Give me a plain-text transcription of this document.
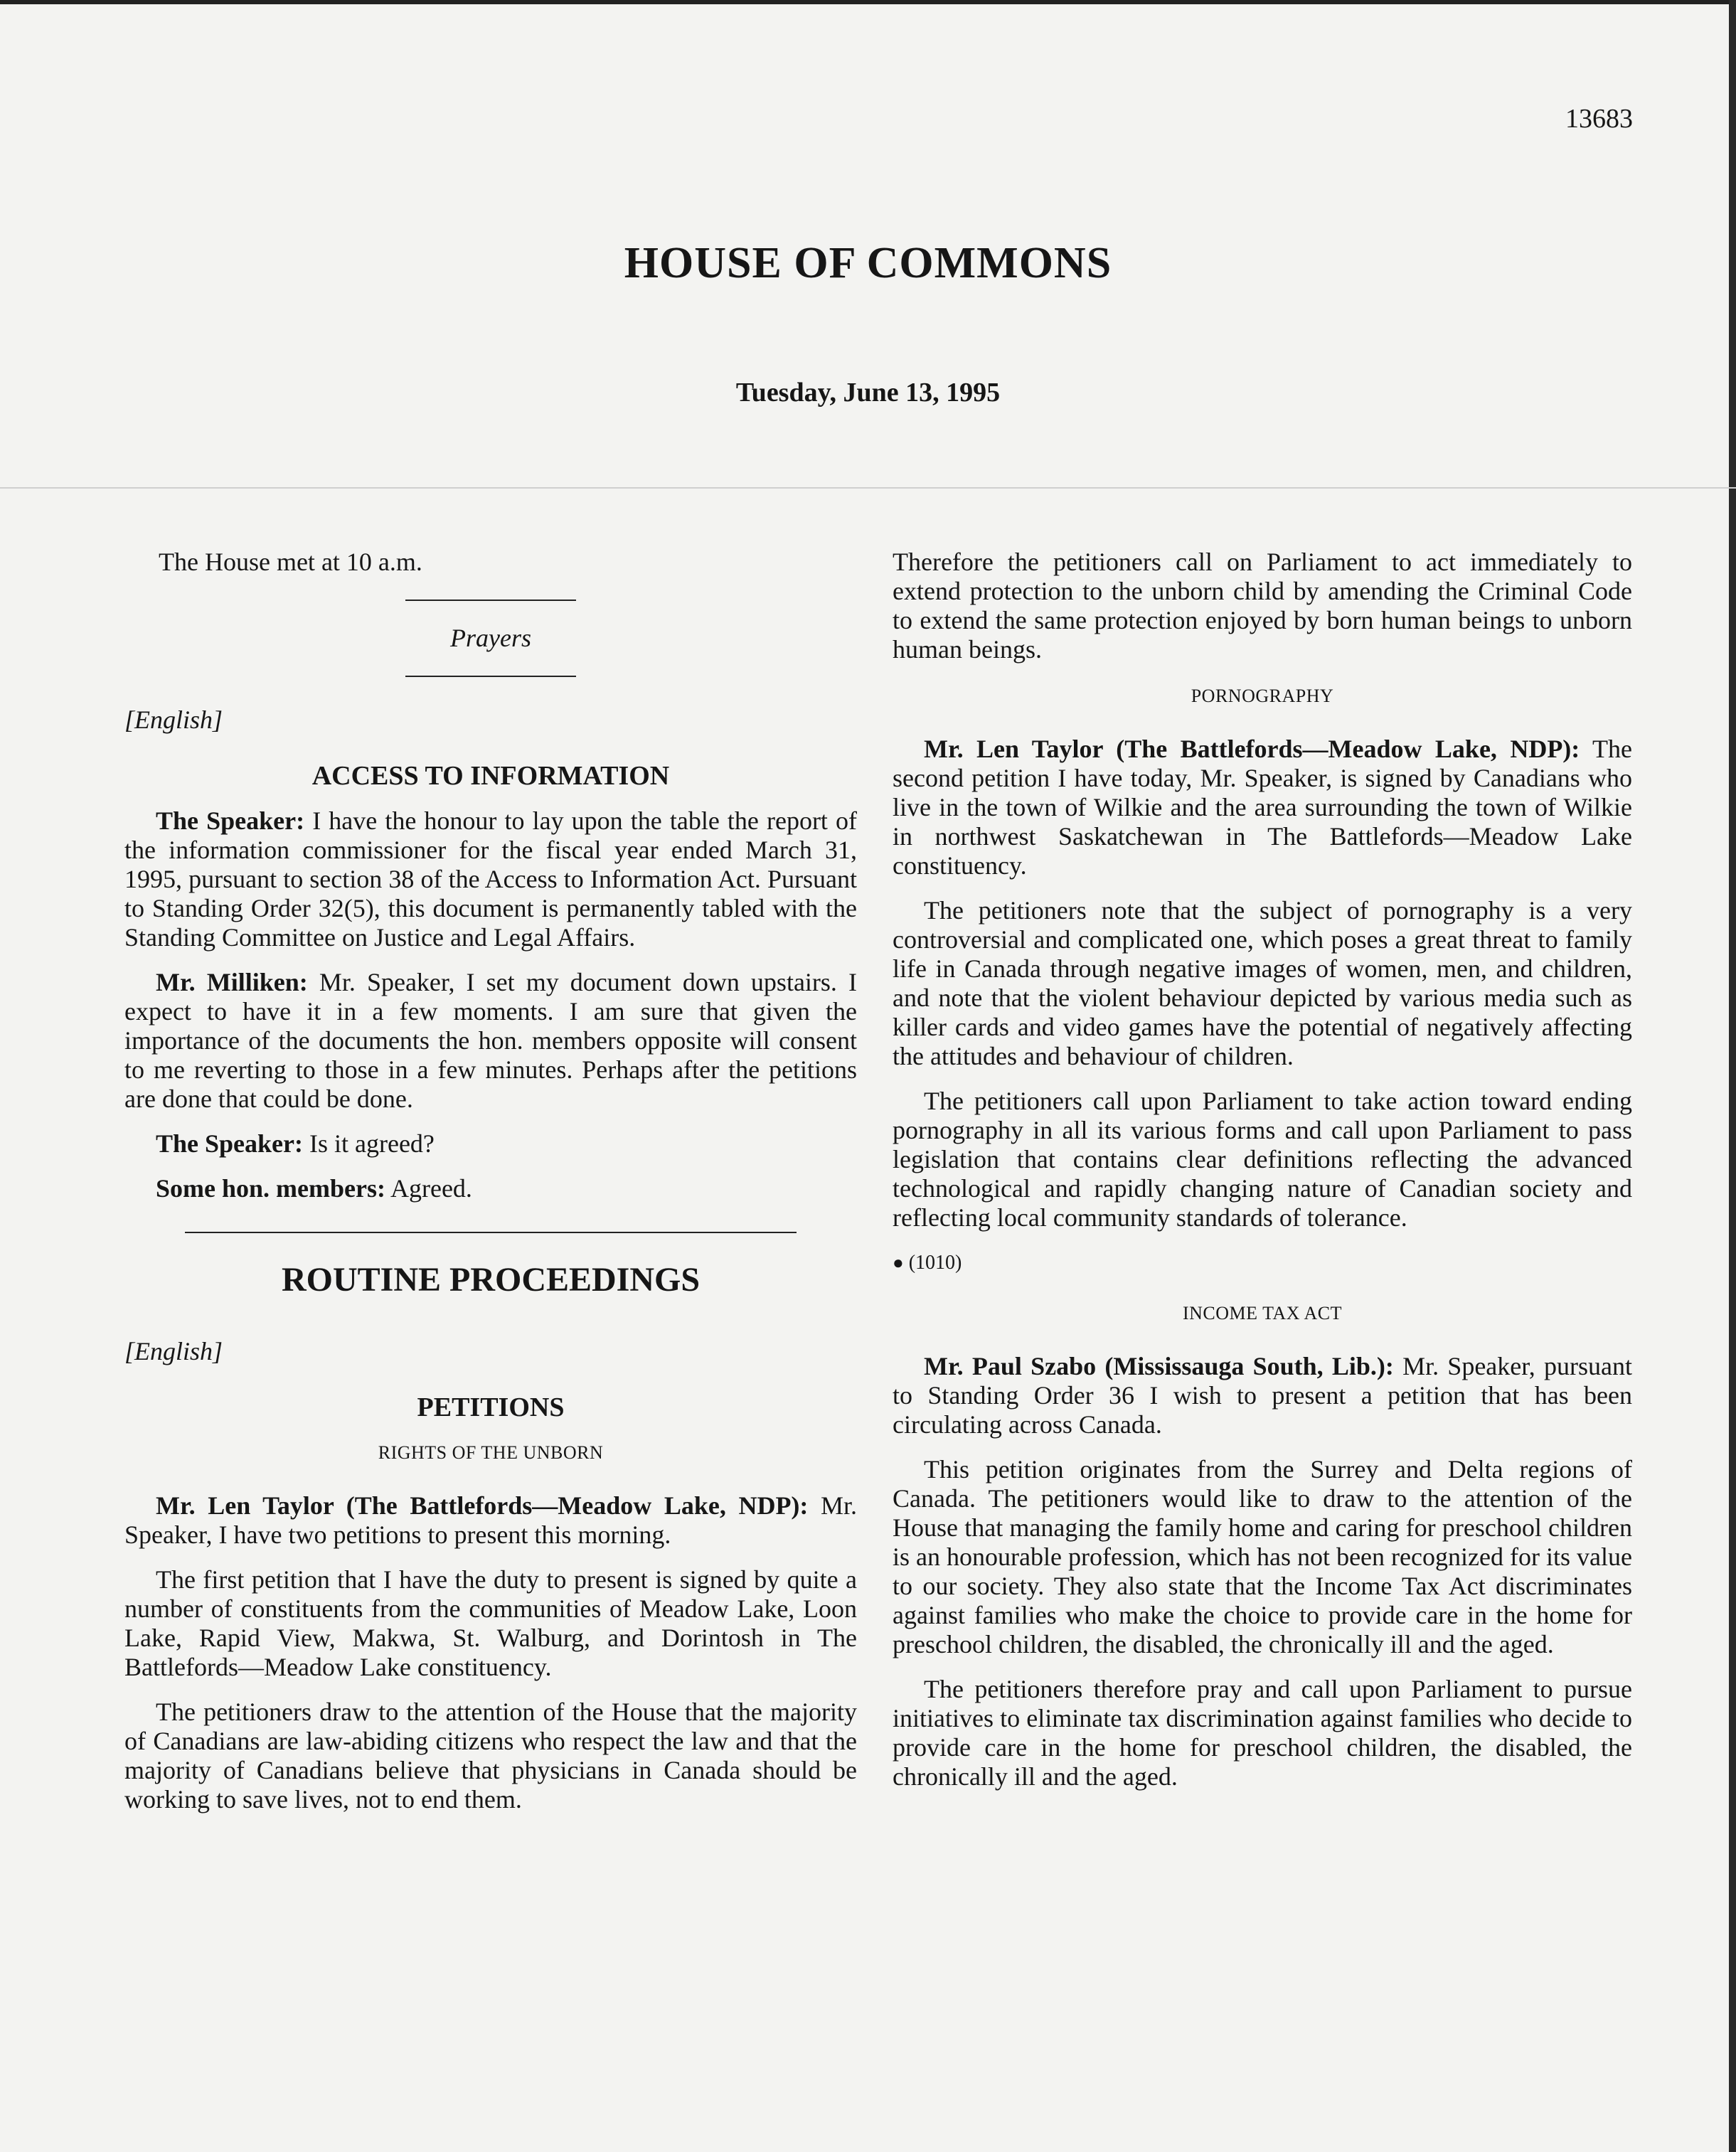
13683
HOUSE OF COMMONS
Tuesday, June 13, 1995

The House met at 10 a.m.

Prayers
[English]
ACCESS TO INFORMATION

The Speaker: I have the honour to lay upon the table the report of the information commissioner for the fiscal year ended March 31, 1995, pursuant to section 38 of the Access to Information Act. Pursuant to Standing Order 32(5), this document is permanently tabled with the Standing Committee on Justice and Legal Affairs.

Mr. Milliken: Mr. Speaker, I set my document down upstairs. I expect to have it in a few moments. I am sure that given the importance of the documents the hon. members opposite will consent to me reverting to those in a few minutes. Perhaps after the petitions are done that could be done.

The Speaker: Is it agreed?

Some hon. members: Agreed.

ROUTINE PROCEEDINGS
[English]
PETITIONS
RIGHTS OF THE UNBORN

Mr. Len Taylor (The Battlefords—Meadow Lake, NDP): Mr. Speaker, I have two petitions to present this morning.

The first petition that I have the duty to present is signed by quite a number of constituents from the communities of Meadow Lake, Loon Lake, Rapid View, Makwa, St. Walburg, and Dorintosh in The Battlefords—Meadow Lake constituency.

The petitioners draw to the attention of the House that the majority of Canadians are law-abiding citizens who respect the law and that the majority of Canadians believe that physicians in Canada should be working to save lives, not to end them.

Therefore the petitioners call on Parliament to act immediately to extend protection to the unborn child by amending the Criminal Code to extend the same protection enjoyed by born human beings to unborn human beings.

PORNOGRAPHY

Mr. Len Taylor (The Battlefords—Meadow Lake, NDP): The second petition I have today, Mr. Speaker, is signed by Canadians who live in the town of Wilkie and the area surrounding the town of Wilkie in northwest Saskatchewan in The Battlefords—Meadow Lake constituency.

The petitioners note that the subject of pornography is a very controversial and complicated one, which poses a great threat to family life in Canada through negative images of women, men, and children, and note that the violent behaviour depicted by various media such as killer cards and video games have the potential of negatively affecting the attitudes and behaviour of children.

The petitioners call upon Parliament to take action toward ending pornography in all its various forms and call upon Parliament to pass legislation that contains clear definitions reflecting the advanced technological and rapidly changing nature of Canadian society and reflecting local community standards of tolerance.

● (1010)
INCOME TAX ACT

Mr. Paul Szabo (Mississauga South, Lib.): Mr. Speaker, pursuant to Standing Order 36 I wish to present a petition that has been circulating across Canada.

This petition originates from the Surrey and Delta regions of Canada. The petitioners would like to draw to the attention of the House that managing the family home and caring for preschool children is an honourable profession, which has not been recognized for its value to our society. They also state that the Income Tax Act discriminates against families who make the choice to provide care in the home for preschool children, the disabled, the chronically ill and the aged.

The petitioners therefore pray and call upon Parliament to pursue initiatives to eliminate tax discrimination against families who decide to provide care in the home for preschool children, the disabled, the chronically ill and the aged.
